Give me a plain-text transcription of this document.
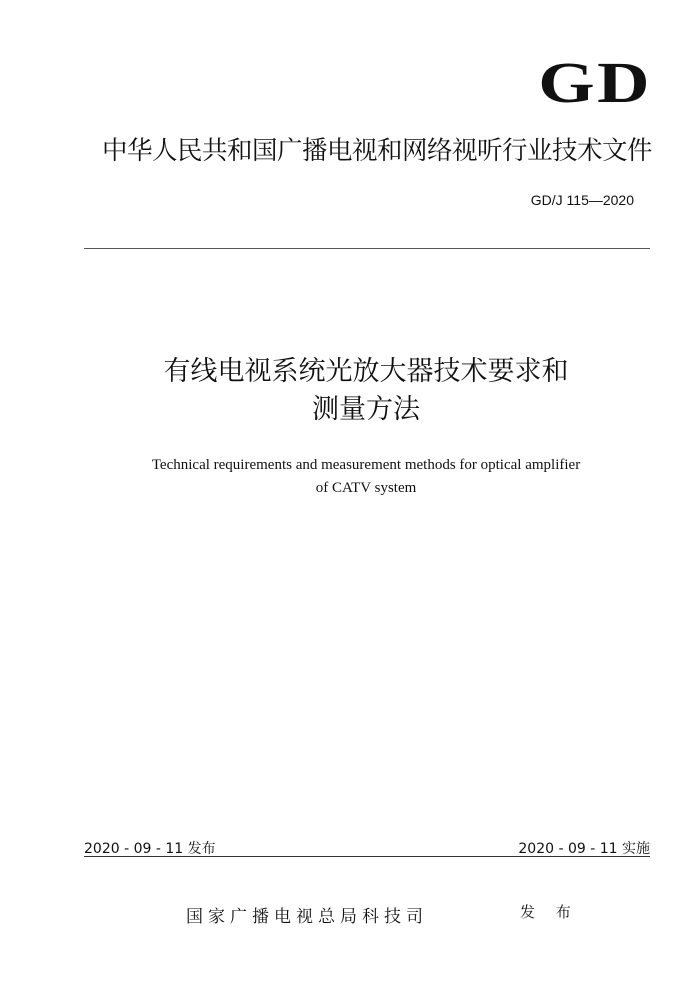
GD
中华人民共和国广播电视和网络视听行业技术文件
GD/J 115—2020
有线电视系统光放大器技术要求和
测量方法
Technical requirements and measurement methods for optical amplifier
of CATV system
2020 - 09 - 11 发布	2020 - 09 - 11 实施
国家广播电视总局科技司	发 布
